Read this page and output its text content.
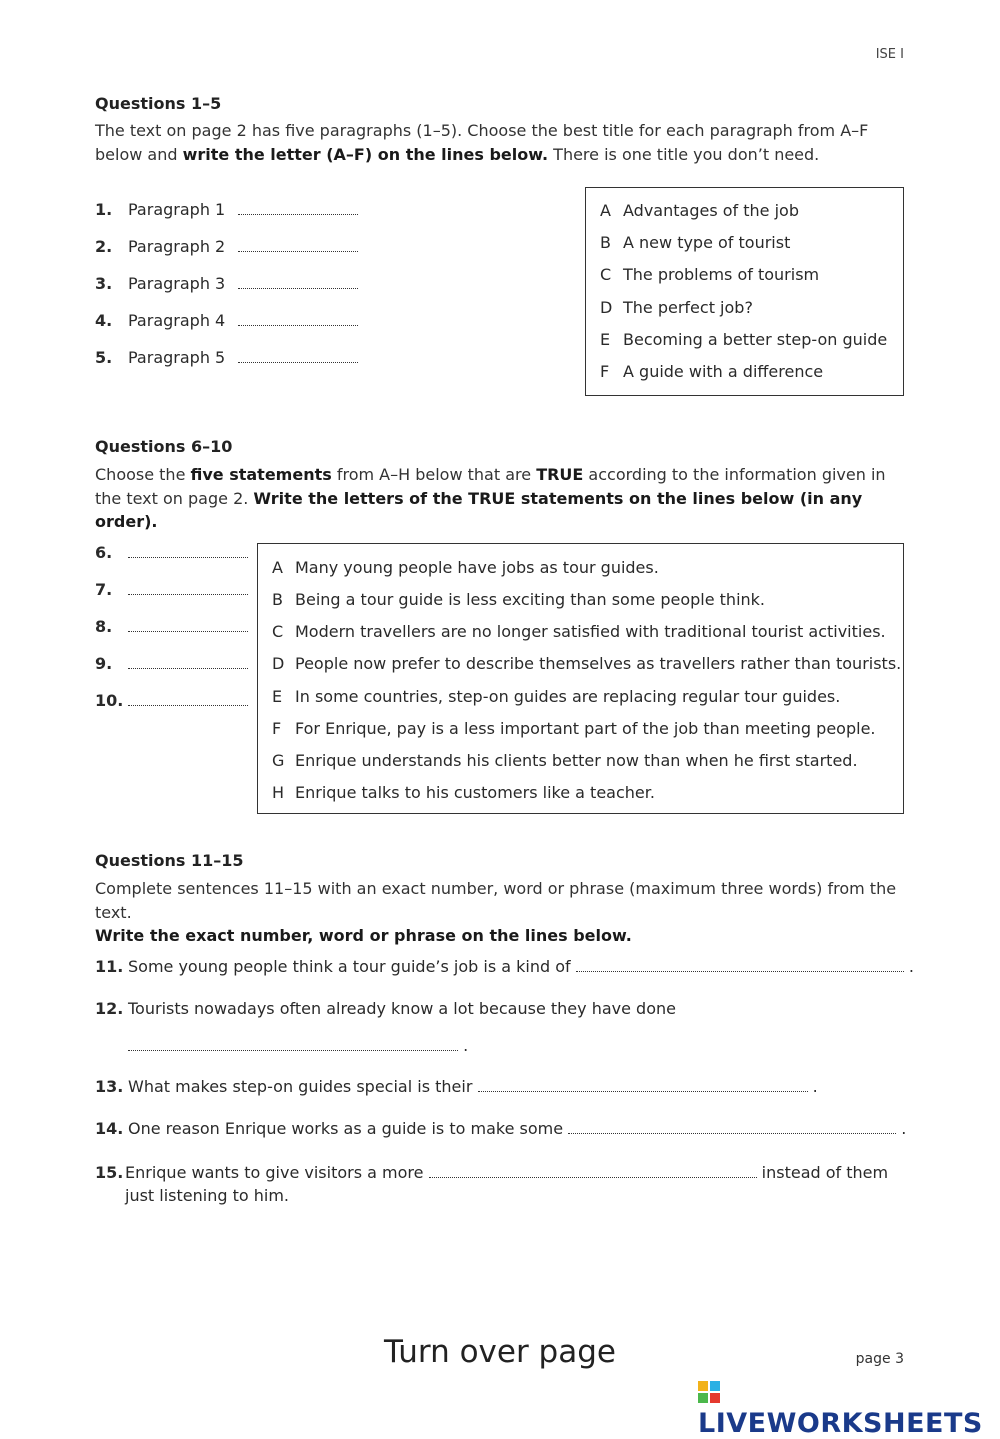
ISE I
Questions 1–5
The text on page 2 has five paragraphs (1–5). Choose the best title for each paragraph from A–F below and write the letter (A–F) on the lines below. There is one title you don’t need.
1. Paragraph 1
2. Paragraph 2
3. Paragraph 3
4. Paragraph 4
5. Paragraph 5
A Advantages of the job
B A new type of tourist
C The problems of tourism
D The perfect job?
E Becoming a better step-on guide
F A guide with a difference
Questions 6–10
Choose the five statements from A–H below that are TRUE according to the information given in the text on page 2. Write the letters of the TRUE statements on the lines below (in any order).
6.
7.
8.
9.
10.
A Many young people have jobs as tour guides.
B Being a tour guide is less exciting than some people think.
C Modern travellers are no longer satisfied with traditional tourist activities.
D People now prefer to describe themselves as travellers rather than tourists.
E In some countries, step-on guides are replacing regular tour guides.
F For Enrique, pay is a less important part of the job than meeting people.
G Enrique understands his clients better now than when he first started.
H Enrique talks to his customers like a teacher.
Questions 11–15
Complete sentences 11–15 with an exact number, word or phrase (maximum three words) from the text.
Write the exact number, word or phrase on the lines below.
11. Some young people think a tour guide’s job is a kind of	.
12. Tourists nowadays often already know a lot because they have done
.
13. What makes step-on guides special is their	.
14. One reason Enrique works as a guide is to make some	.
15. Enrique wants to give visitors a more	instead of them
just listening to him.
Turn over page	page 3
LIVEWORKSHEETS
